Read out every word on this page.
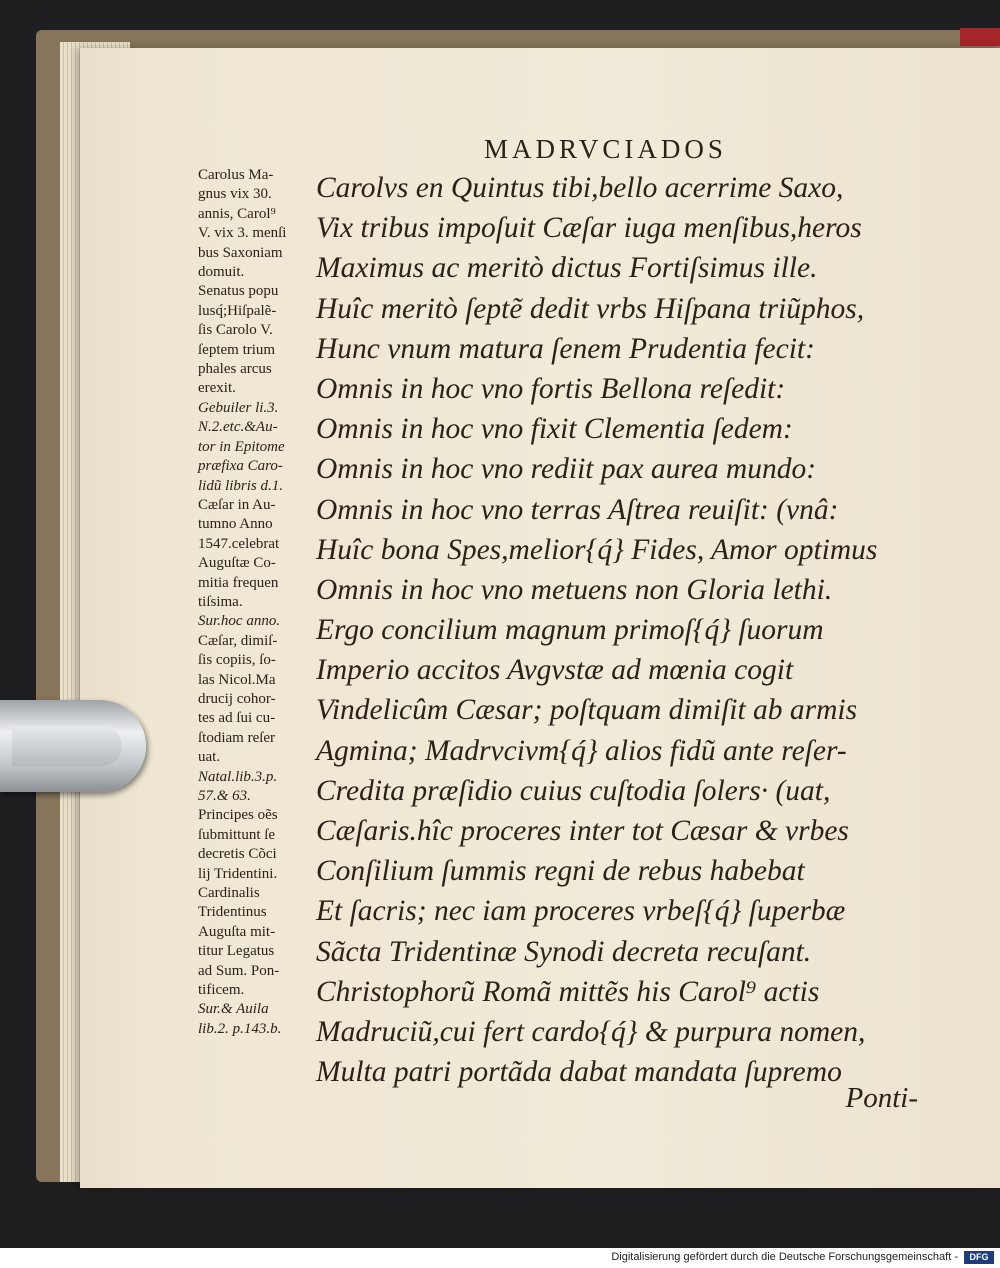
MADRVCIADOS
Carolus Ma-
gnus vix 30.
annis, Carol⁹
V. vix 3. menſi
bus Saxoniam
domuit.
Senatus popu
lusq́;Hiſpalẽ-
ſis Carolo V.
ſeptem trium
phales arcus
erexit.
Gebuiler li.3.
N.2.etc.&Au-
tor in Epitome
præfixa Caro-
lidũ libris d.1.
Cæſar in Au-
tumno Anno
1547.celebrat
Auguſtæ Co-
mitia frequen
tiſsima.
Sur.hoc anno.
Cæſar, dimiſ-
ſis copiis, ſo-
las Nicol.Ma
drucij cohor-
tes ad ſui cu-
ſtodiam reſer
uat.
Natal.lib.3.p.
57.& 63.
Principes oẽs
ſubmittunt ſe
decretis Cõci
lij Tridentini.
Cardinalis
Tridentinus
Auguſta mit-
titur Legatus
ad Sum. Pon-
tificem.
Sur.& Auila
lib.2. p.143.b.
Carolvs en Quintus tibi,bello acerrime Saxo,
Vix tribus impoſuit Cæſar iuga menſibus,heros
Maximus ac meritò dictus Fortiſsimus ille.
Huîc meritò ſeptẽ dedit vrbs Hiſpana triũphos,
Hunc vnum matura ſenem Prudentia fecit:
Omnis in hoc vno fortis Bellona reſedit:
Omnis in hoc vno fixit Clementia ſedem:
Omnis in hoc vno rediit pax aurea mundo:
Omnis in hoc vno terras Aſtrea reuiſit: (vnâ:
Huîc bona Spes,melior{q́} Fides, Amor optimus
Omnis in hoc vno metuens non Gloria lethi.
Ergo concilium magnum primoſ{q́} ſuorum
Imperio accitos Avgvstæ ad mœnia cogit
Vindelicûm Cæsar; poſtquam dimiſit ab armis
Agmina; Madrvcivm{q́} alios fidũ ante reſer-
Credita præſidio cuius cuſtodia ſolers· (uat,
Cæſaris.hîc proceres inter tot Cæsar & vrbes
Conſilium ſummis regni de rebus habebat
Et ſacris; nec iam proceres vrbeſ{q́} ſuperbæ
Sãcta Tridentinæ Synodi decreta recuſant.
Christophorũ Romã mittẽs his Carol⁹ actis
Madruciũ,cui fert cardo{q́} & purpura nomen,
Multa patri portãda dabat mandata ſupremo
Ponti-
Digitalisierung gefördert durch die Deutsche Forschungsgemeinschaft -	DFG
